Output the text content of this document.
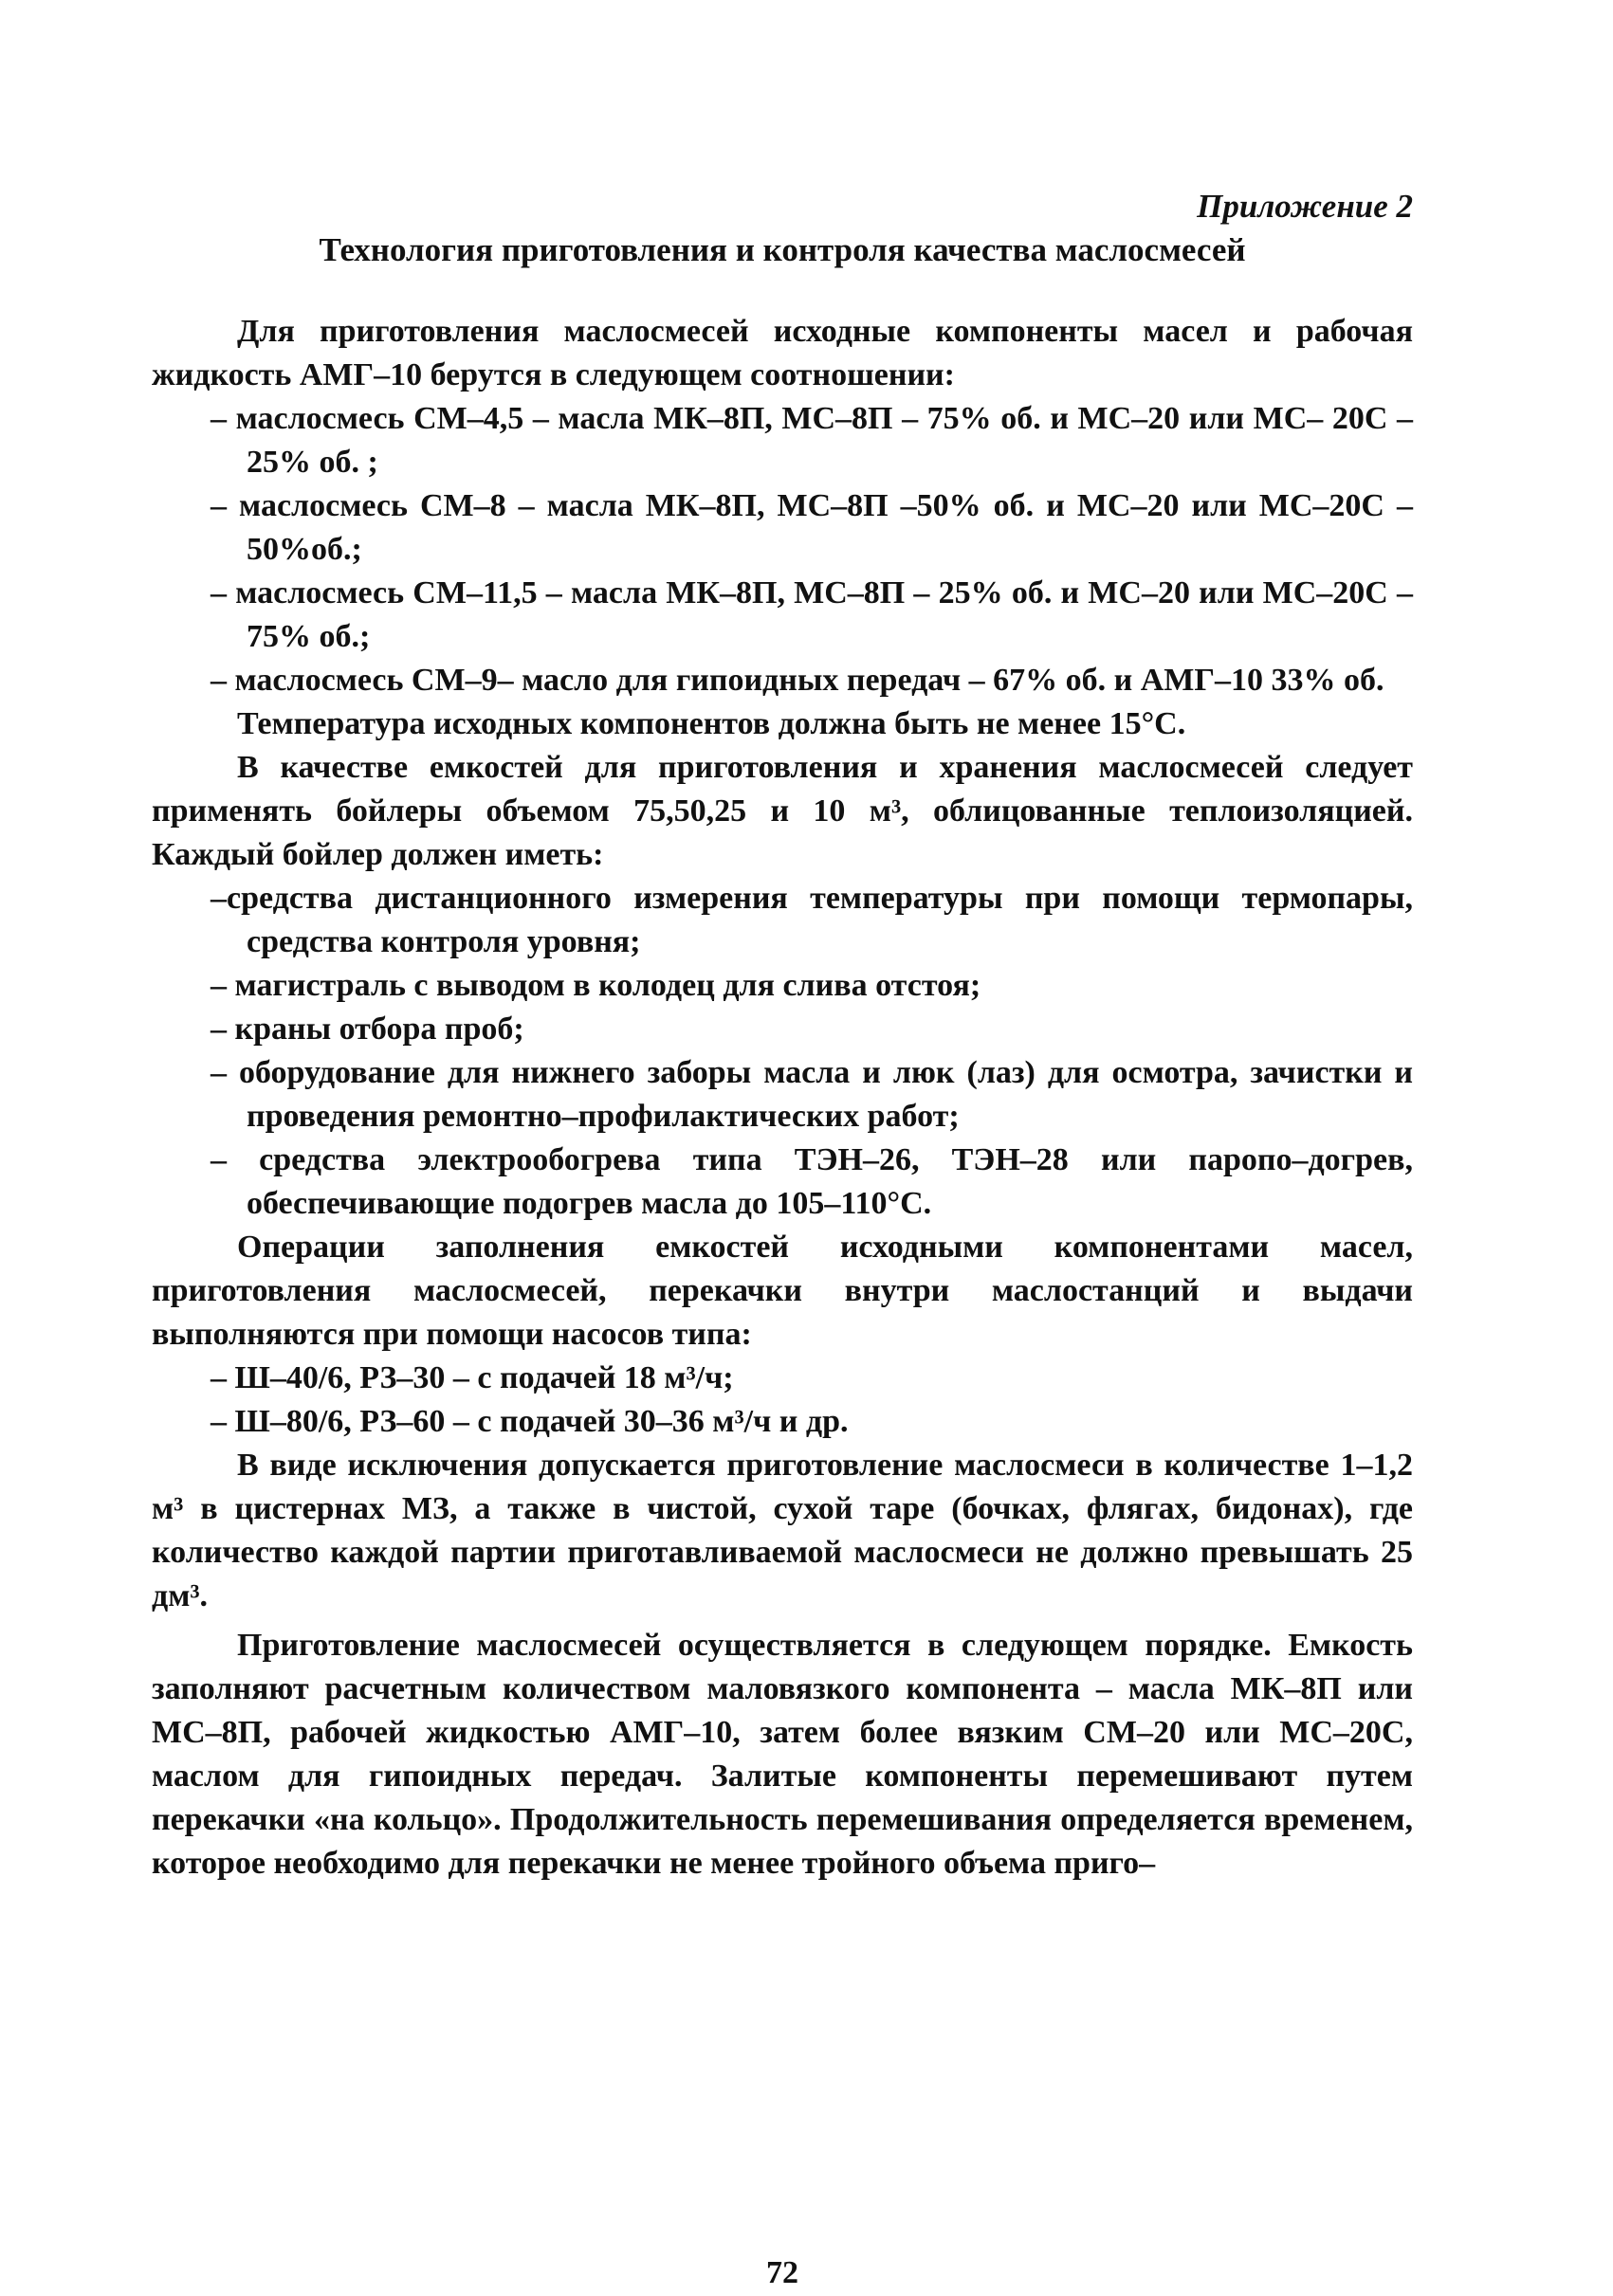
Приложение 2

Технология приготовления и контроля качества маслосмесей

Для приготовления маслосмесей исходные компоненты масел и рабочая жидкость АМГ–10 берутся в следующем соотношении:

– маслосмесь СМ–4,5 – масла МК–8П, МС–8П – 75% об. и МС–20 или МС– 20С – 25% об. ;
– маслосмесь СМ–8 – масла МК–8П, МС–8П –50% об. и МС–20 или МС–20С – 50%об.;
– маслосмесь СМ–11,5 – масла МК–8П, МС–8П – 25% об. и МС–20 или МС–20С – 75% об.;
– маслосмесь СМ–9– масло для гипоидных передач – 67% об. и АМГ–10 33% об.

Температура исходных компонентов должна быть не менее 15°С.

В качестве емкостей для приготовления и хранения маслосмесей следует применять бойлеры объемом 75,50,25 и 10 м³, облицованные теплоизоляцией. Каждый бойлер должен иметь:

–средства дистанционного измерения температуры при помощи термопары, средства контроля уровня;
– магистраль с выводом в колодец для слива отстоя;
– краны отбора проб;
– оборудование для нижнего заборы масла и люк (лаз) для осмотра, зачистки и проведения ремонтно–профилактических работ;
– средства электрообогрева типа ТЭН–26, ТЭН–28 или паропо–догрев, обеспечивающие подогрев масла до 105–110°С.

Операции заполнения емкостей исходными компонентами масел, приготовления маслосмесей, перекачки внутри маслостанций и выдачи выполняются при помощи насосов типа:

– Ш–40/6, РЗ–30 – с подачей 18 м³/ч;
– Ш–80/6, РЗ–60 – с подачей 30–36 м³/ч и др.

В виде исключения допускается приготовление маслосмеси в количестве 1–1,2 м³ в цистернах МЗ, а также в чистой, сухой таре (бочках, флягах, бидонах), где количество каждой партии приготавливаемой маслосмеси не должно превышать 25 дм³.

Приготовление маслосмесей осуществляется в следующем порядке. Емкость заполняют расчетным количеством маловязкого компонента – масла МК–8П или МС–8П, рабочей жидкостью АМГ–10, затем более вязким СМ–20 или МС–20С, маслом для гипоидных передач. Залитые компоненты перемешивают путем перекачки «на кольцо». Продолжительность перемешивания определяется временем, которое необходимо для перекачки не менее тройного объема приго–

72
